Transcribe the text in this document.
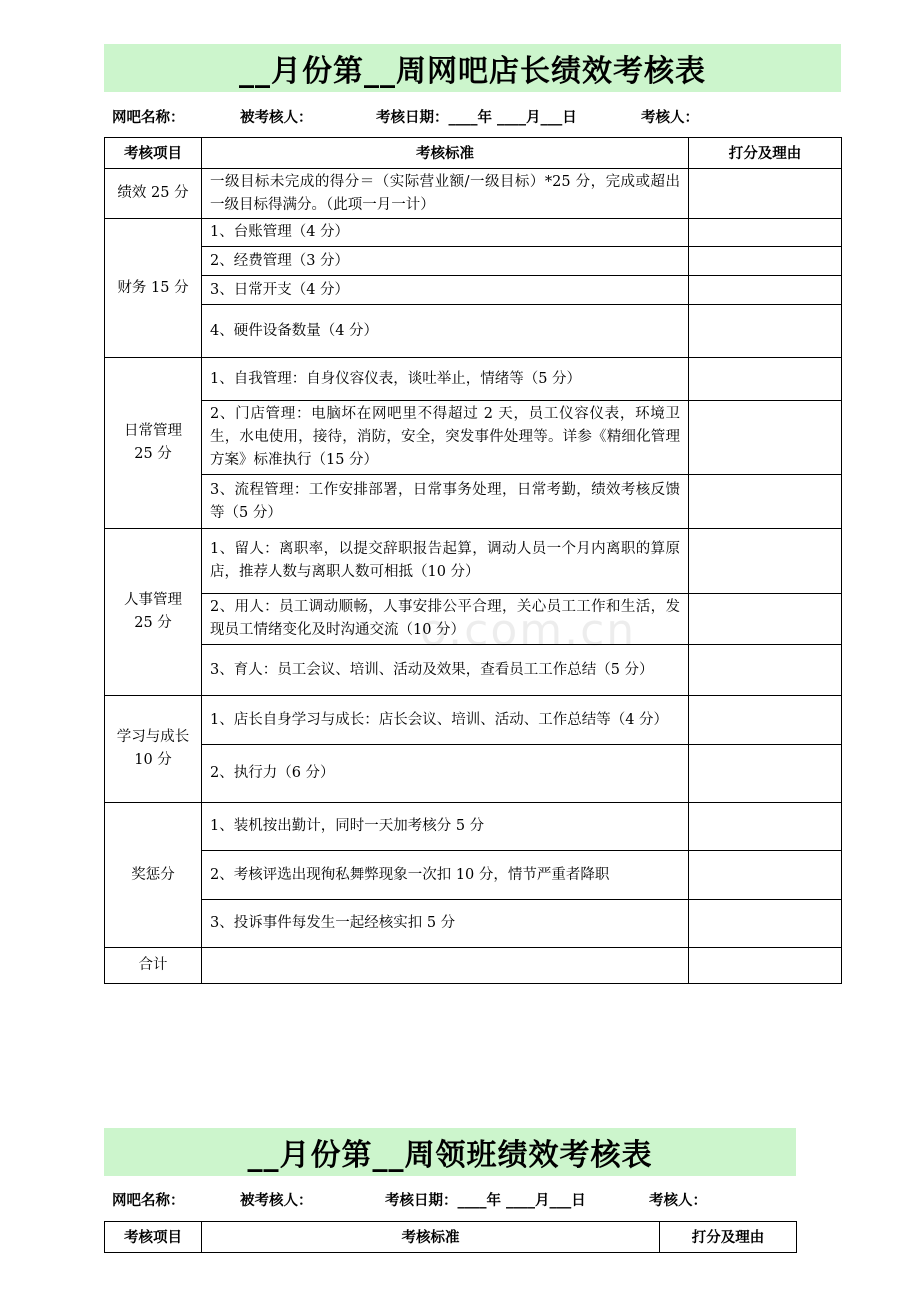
__月份第__周网吧店长绩效考核表
网吧名称：	被考核人：	考核日期：____年 ____月___日	考核人：
考核项目	考核标准	打分及理由
绩效 25 分	一级目标未完成的得分＝（实际营业额/一级目标）*25 分，完成或超出一级目标得满分。（此项一月一计）	
财务 15 分	1、台账管理（4 分）	
	2、经费管理（3 分）	
	3、日常开支（4 分）	
	4、硬件设备数量（4 分）	
日常管理 25 分	1、自我管理：自身仪容仪表，谈吐举止，情绪等（5 分）	
	2、门店管理：电脑坏在网吧里不得超过 2 天，员工仪容仪表，环境卫生，水电使用，接待，消防，安全，突发事件处理等。详参《精细化管理方案》标准执行（15 分）	
	3、流程管理：工作安排部署，日常事务处理，日常考勤，绩效考核反馈等（5 分）	
人事管理 25 分	1、留人：离职率，以提交辞职报告起算，调动人员一个月内离职的算原店，推荐人数与离职人数可相抵（10 分）	
	2、用人：员工调动顺畅，人事安排公平合理，关心员工工作和生活，发现员工情绪变化及时沟通交流（10 分）	
	3、育人：员工会议、培训、活动及效果，查看员工工作总结（5 分）	
学习与成长 10 分	1、店长自身学习与成长：店长会议、培训、活动、工作总结等（4 分）	
	2、执行力（6 分）	
奖惩分	1、装机按出勤计，同时一天加考核分 5 分	
	2、考核评选出现徇私舞弊现象一次扣 10 分，情节严重者降职	
	3、投诉事件每发生一起经核实扣 5 分	
合计		
o.com.cn
__月份第__周领班绩效考核表
网吧名称：	被考核人：	考核日期：____年 ____月___日	考核人：
考核项目	考核标准	打分及理由
